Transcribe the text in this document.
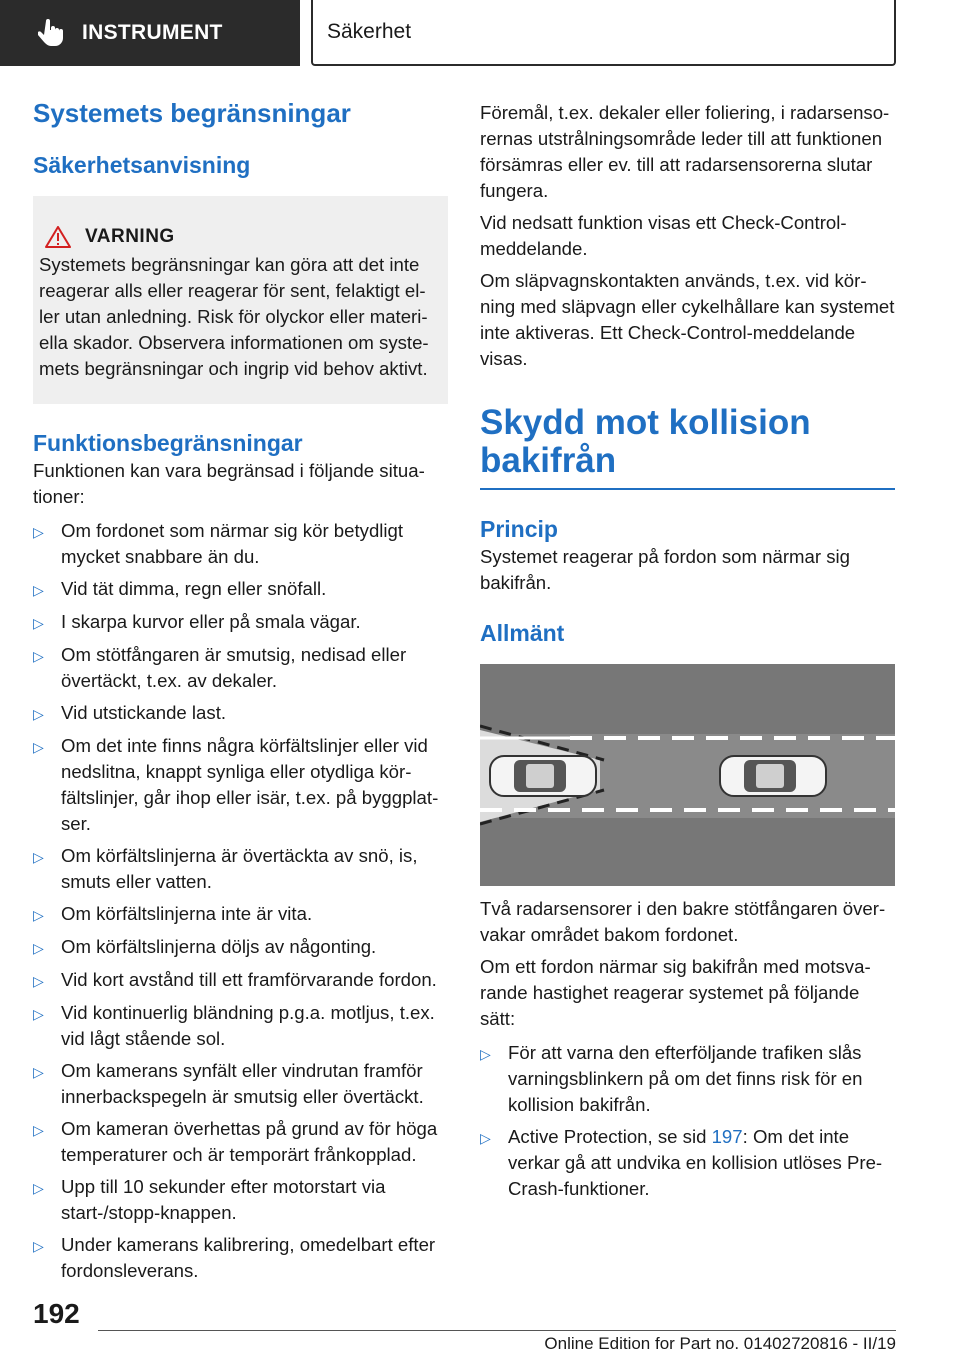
INSTRUMENT	Säkerhet
Systemets begränsningar
Säkerhetsanvisning
VARNING
Systemets begränsningar kan göra att det inte reagerar alls eller reagerar för sent, felaktigt eller utan anledning. Risk för olyckor eller materiella skador. Observera informationen om systemets begränsningar och ingrip vid behov aktivt.
Funktionsbegränsningar
Funktionen kan vara begränsad i följande situationer:
▷ Om fordonet som närmar sig kör betydligt mycket snabbare än du.
▷ Vid tät dimma, regn eller snöfall.
▷ I skarpa kurvor eller på smala vägar.
▷ Om stötfångaren är smutsig, nedisad eller övertäckt, t.ex. av dekaler.
▷ Vid utstickande last.
▷ Om det inte finns några körfältslinjer eller vid nedslitna, knappt synliga eller otydliga körfältslinjer, går ihop eller isär, t.ex. på byggplatser.
▷ Om körfältslinjerna är övertäckta av snö, is, smuts eller vatten.
▷ Om körfältslinjerna inte är vita.
▷ Om körfältslinjerna döljs av någonting.
▷ Vid kort avstånd till ett framförvarande fordon.
▷ Vid kontinuerlig bländning p.g.a. motljus, t.ex. vid lågt stående sol.
▷ Om kamerans synfält eller vindrutan framför innerbackspegeln är smutsig eller övertäckt.
▷ Om kameran överhettas på grund av för höga temperaturer och är temporärt frånkopplad.
▷ Upp till 10 sekunder efter motorstart via start-/stopp-knappen.
▷ Under kamerans kalibrering, omedelbart efter fordonsleverans.
Föremål, t.ex. dekaler eller foliering, i radarsensorernas utstrålningsområde leder till att funktionen försämras eller ev. till att radarsensorerna slutar fungera.
Vid nedsatt funktion visas ett Check-Control-meddelande.
Om släpvagnskontakten används, t.ex. vid körning med släpvagn eller cykelhållare kan systemet inte aktiveras. Ett Check-Control-meddelande visas.
Skydd mot kollision bakifrån
Princip
Systemet reagerar på fordon som närmar sig bakifrån.
Allmänt
Två radarsensorer i den bakre stötfångaren övervakar området bakom fordonet.
Om ett fordon närmar sig bakifrån med motsvarande hastighet reagerar systemet på följande sätt:
▷ För att varna den efterföljande trafiken slås varningsblinkern på om det finns risk för en kollision bakifrån.
▷ Active Protection, se sid 197: Om det inte verkar gå att undvika en kollision utlöses Pre-Crash-funktioner.
192
Online Edition for Part no. 01402720816 - II/19
